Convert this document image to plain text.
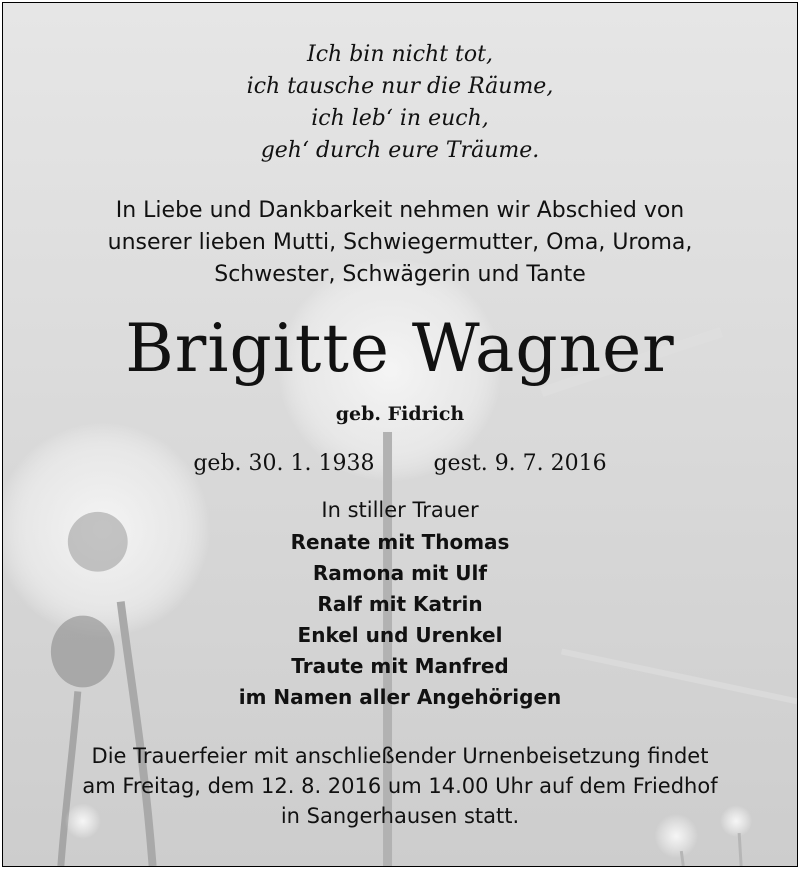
Ich bin nicht tot,
ich tausche nur die Räume,
ich leb‘ in euch,
geh‘ durch eure Träume.
In Liebe und Dankbarkeit nehmen wir Abschied von
unserer lieben Mutti, Schwiegermutter, Oma, Uroma,
Schwester, Schwägerin und Tante
Brigitte Wagner
geb. Fidrich
geb. 30. 1. 1938	gest. 9. 7. 2016
In stiller Trauer
Renate mit Thomas
Ramona mit Ulf
Ralf mit Katrin
Enkel und Urenkel
Traute mit Manfred
im Namen aller Angehörigen
Die Trauerfeier mit anschließender Urnenbeisetzung findet
am Freitag, dem 12. 8. 2016 um 14.00 Uhr auf dem Friedhof
in Sangerhausen statt.
